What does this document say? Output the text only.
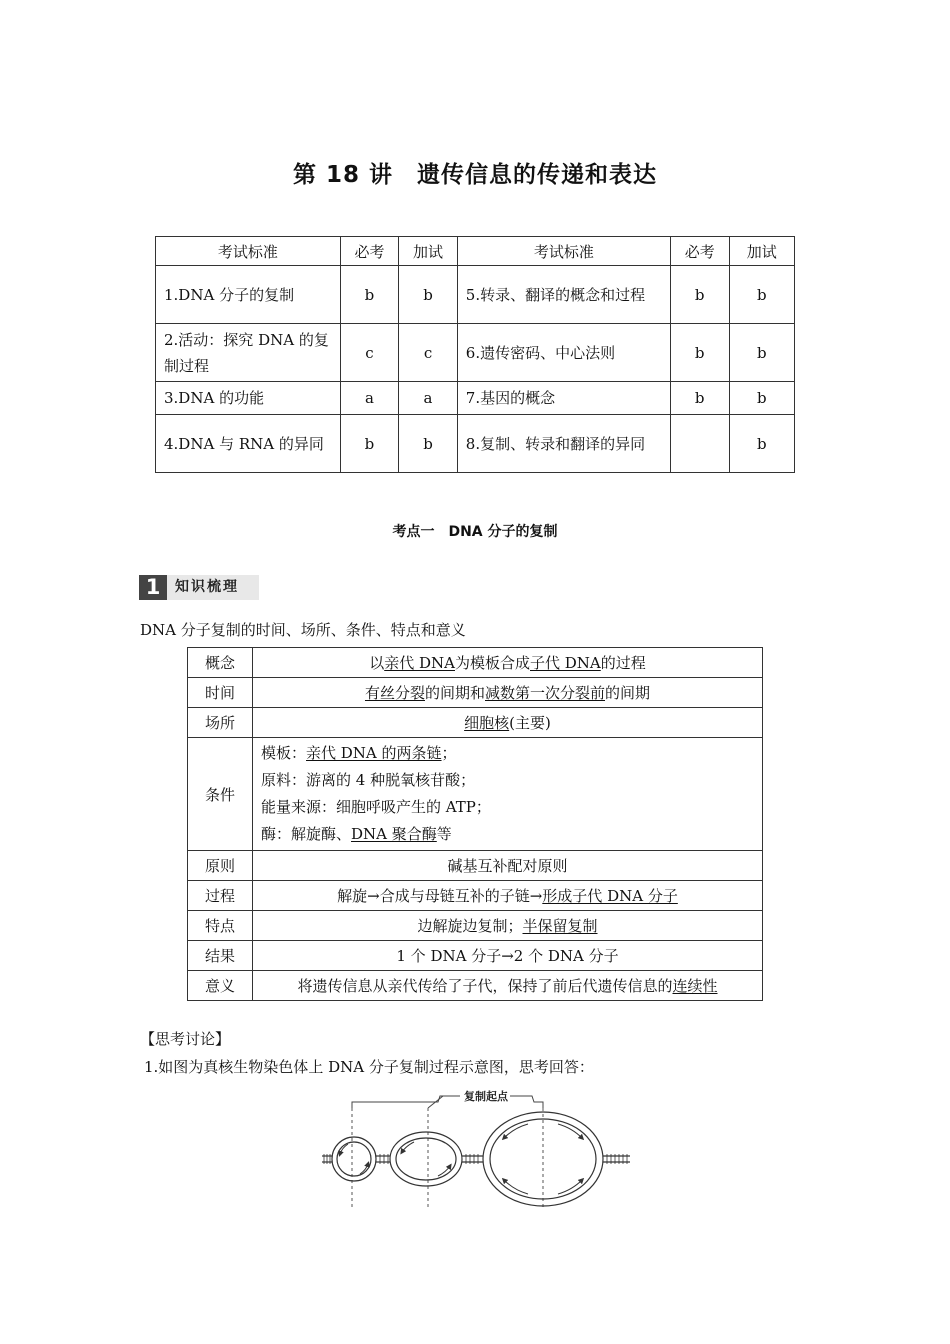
第 18 讲　遗传信息的传递和表达
考试标准	必考	加试	考试标准	必考	加试
1.DNA 分子的复制	b	b	5.转录、翻译的概念和过程	b	b
2.活动：探究 DNA 的复制过程	c	c	6.遗传密码、中心法则	b	b
3.DNA 的功能	a	a	7.基因的概念	b	b
4.DNA 与 RNA 的异同	b	b	8.复制、转录和翻译的异同		b
考点一　DNA 分子的复制
1	知识梳理
DNA 分子复制的时间、场所、条件、特点和意义
概念	以亲代 DNA为模板合成子代 DNA的过程
时间	有丝分裂的间期和减数第一次分裂前的间期
场所	细胞核(主要)
条件	模板：亲代 DNA 的两条链；
原料：游离的 4 种脱氧核苷酸；
能量来源：细胞呼吸产生的 ATP；
酶：解旋酶、DNA 聚合酶等

原则	碱基互补配对原则
过程	解旋→合成与母链互补的子链→形成子代 DNA 分子
特点	边解旋边复制；半保留复制
结果	1 个 DNA 分子→2 个 DNA 分子
意义	将遗传信息从亲代传给了子代，保持了前后代遗传信息的连续性
【思考讨论】
1.如图为真核生物染色体上 DNA 分子复制过程示意图，思考回答：
复制起点
